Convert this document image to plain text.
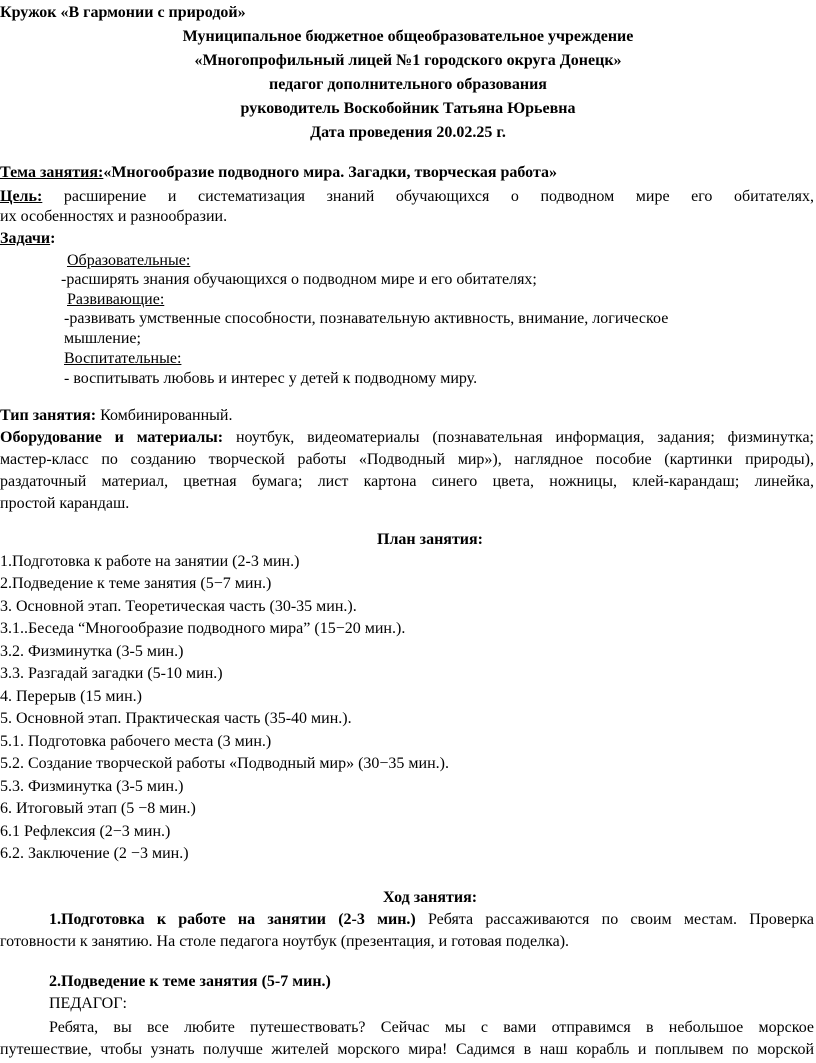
Кружок «В гармонии с природой»
Муниципальное бюджетное общеобразовательное учреждение
«Многопрофильный лицей №1 городского округа Донецк»
педагог дополнительного образования
руководитель Воскобойник Татьяна Юрьевна
Дата проведения 20.02.25 г.
Тема занятия:«Многообразие подводного мира. Загадки, творческая работа»
Цель: расширение и систематизация знаний обучающихся о подводном мире его обитателях,
их особенностях и разнообразии.
Задачи:
Образовательные:
-расширять знания обучающихся о подводном мире и его обитателях;
Развивающие:
-развивать умственные способности, познавательную активность, внимание, логическое
мышление;
Воспитательные:
- воспитывать любовь и интерес у детей к подводному миру.
Тип занятия: Комбинированный.
Оборудование и материалы: ноутбук, видеоматериалы (познавательная информация, задания; физминутка;
мастер-класс по созданию творческой работы «Подводный мир»), наглядное пособие (картинки природы),
раздаточный материал, цветная бумага; лист картона синего цвета, ножницы, клей-карандаш; линейка,
простой карандаш.
План занятия:
1.Подготовка к работе на занятии (2-3 мин.)
2.Подведение к теме занятия (5−7 мин.)
3. Основной этап. Теоретическая часть (30-35 мин.).
3.1..Беседа “Многообразие подводного мира” (15−20 мин.).
3.2. Физминутка (3-5 мин.)
3.3. Разгадай загадки (5-10 мин.)
4. Перерыв (15 мин.)
5. Основной этап. Практическая часть (35-40 мин.).
5.1. Подготовка рабочего места (3 мин.)
5.2. Создание творческой работы «Подводный мир» (30−35 мин.).
5.3. Физминутка (3-5 мин.)
6. Итоговый этап (5 −8 мин.)
6.1 Рефлексия (2−3 мин.)
6.2. Заключение (2 −3 мин.)
Ход занятия:
1.Подготовка к работе на занятии (2-3 мин.) Ребята рассаживаются по своим местам. Проверка
готовности к занятию. На столе педагога ноутбук (презентация, и готовая поделка).
2.Подведение к теме занятия (5-7 мин.)
ПЕДАГОГ:
Ребята, вы все любите путешествовать? Сейчас мы с вами отправимся в небольшое морское
путешествие, чтобы узнать получше жителей морского мира! Садимся в наш корабль и поплывем по морской
